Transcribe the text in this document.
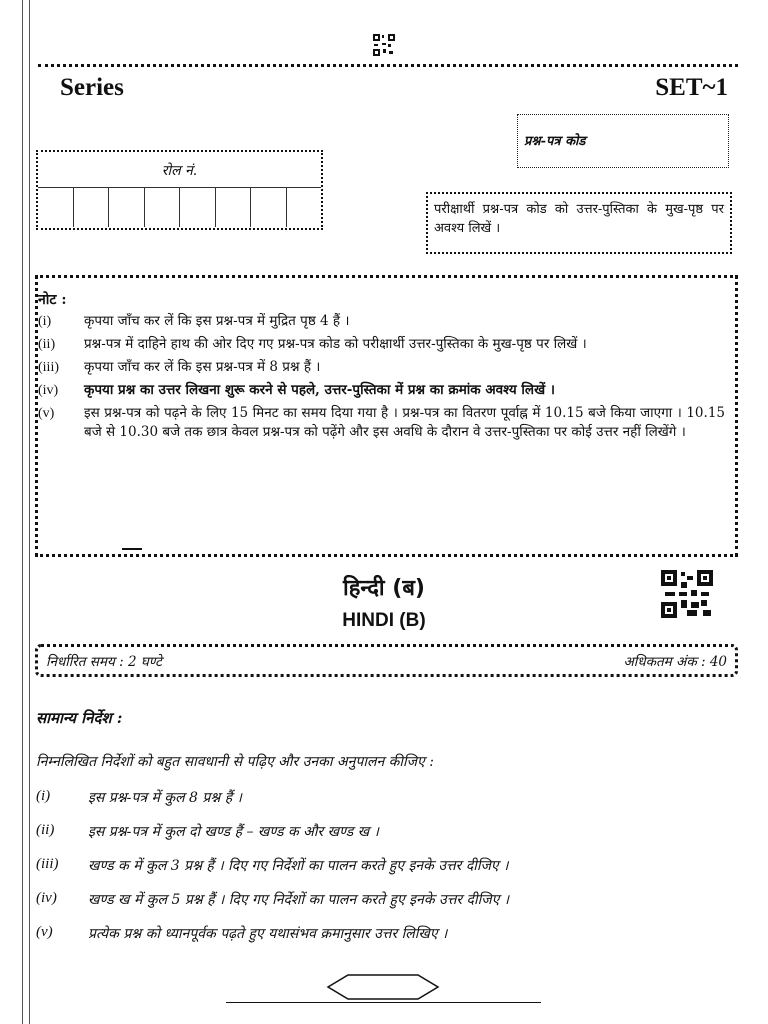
Series	SET~1
प्रश्न-पत्र कोड
रोल नं.
परीक्षार्थी प्रश्न-पत्र कोड को उत्तर-पुस्तिका के मुख-पृष्ठ पर अवश्य लिखें ।
नोट :
(i)	कृपया जाँच कर लें कि इस प्रश्न-पत्र में मुद्रित पृष्ठ 4 हैं ।
(ii)	प्रश्न-पत्र में दाहिने हाथ की ओर दिए गए प्रश्न-पत्र कोड को परीक्षार्थी उत्तर-पुस्तिका के मुख-पृष्ठ पर लिखें ।
(iii)	कृपया जाँच कर लें कि इस प्रश्न-पत्र में 8 प्रश्न हैं ।
(iv)	कृपया प्रश्न का उत्तर लिखना शुरू करने से पहले, उत्तर-पुस्तिका में प्रश्न का क्रमांक अवश्य लिखें ।
(v)	इस प्रश्न-पत्र को पढ़ने के लिए 15 मिनट का समय दिया गया है । प्रश्न-पत्र का वितरण पूर्वाह्न में 10.15 बजे किया जाएगा । 10.15 बजे से 10.30 बजे तक छात्र केवल प्रश्न-पत्र को पढ़ेंगे और इस अवधि के दौरान वे उत्तर-पुस्तिका पर कोई उत्तर नहीं लिखेंगे ।
हिन्दी (ब)
HINDI (B)
निर्धारित समय : 2 घण्टे	अधिकतम अंक : 40
सामान्य निर्देश :
निम्नलिखित निर्देशों को बहुत सावधानी से पढ़िए और उनका अनुपालन कीजिए :
(i)	इस प्रश्न-पत्र में कुल 8 प्रश्न हैं ।
(ii)	इस प्रश्न-पत्र में कुल दो खण्ड हैं – खण्ड क और खण्ड ख ।
(iii)	खण्ड क में कुल 3 प्रश्न हैं । दिए गए निर्देशों का पालन करते हुए इनके उत्तर दीजिए ।
(iv)	खण्ड ख में कुल 5 प्रश्न हैं । दिए गए निर्देशों का पालन करते हुए इनके उत्तर दीजिए ।
(v)	प्रत्येक प्रश्न को ध्यानपूर्वक पढ़ते हुए यथासंभव क्रमानुसार उत्तर लिखिए ।
